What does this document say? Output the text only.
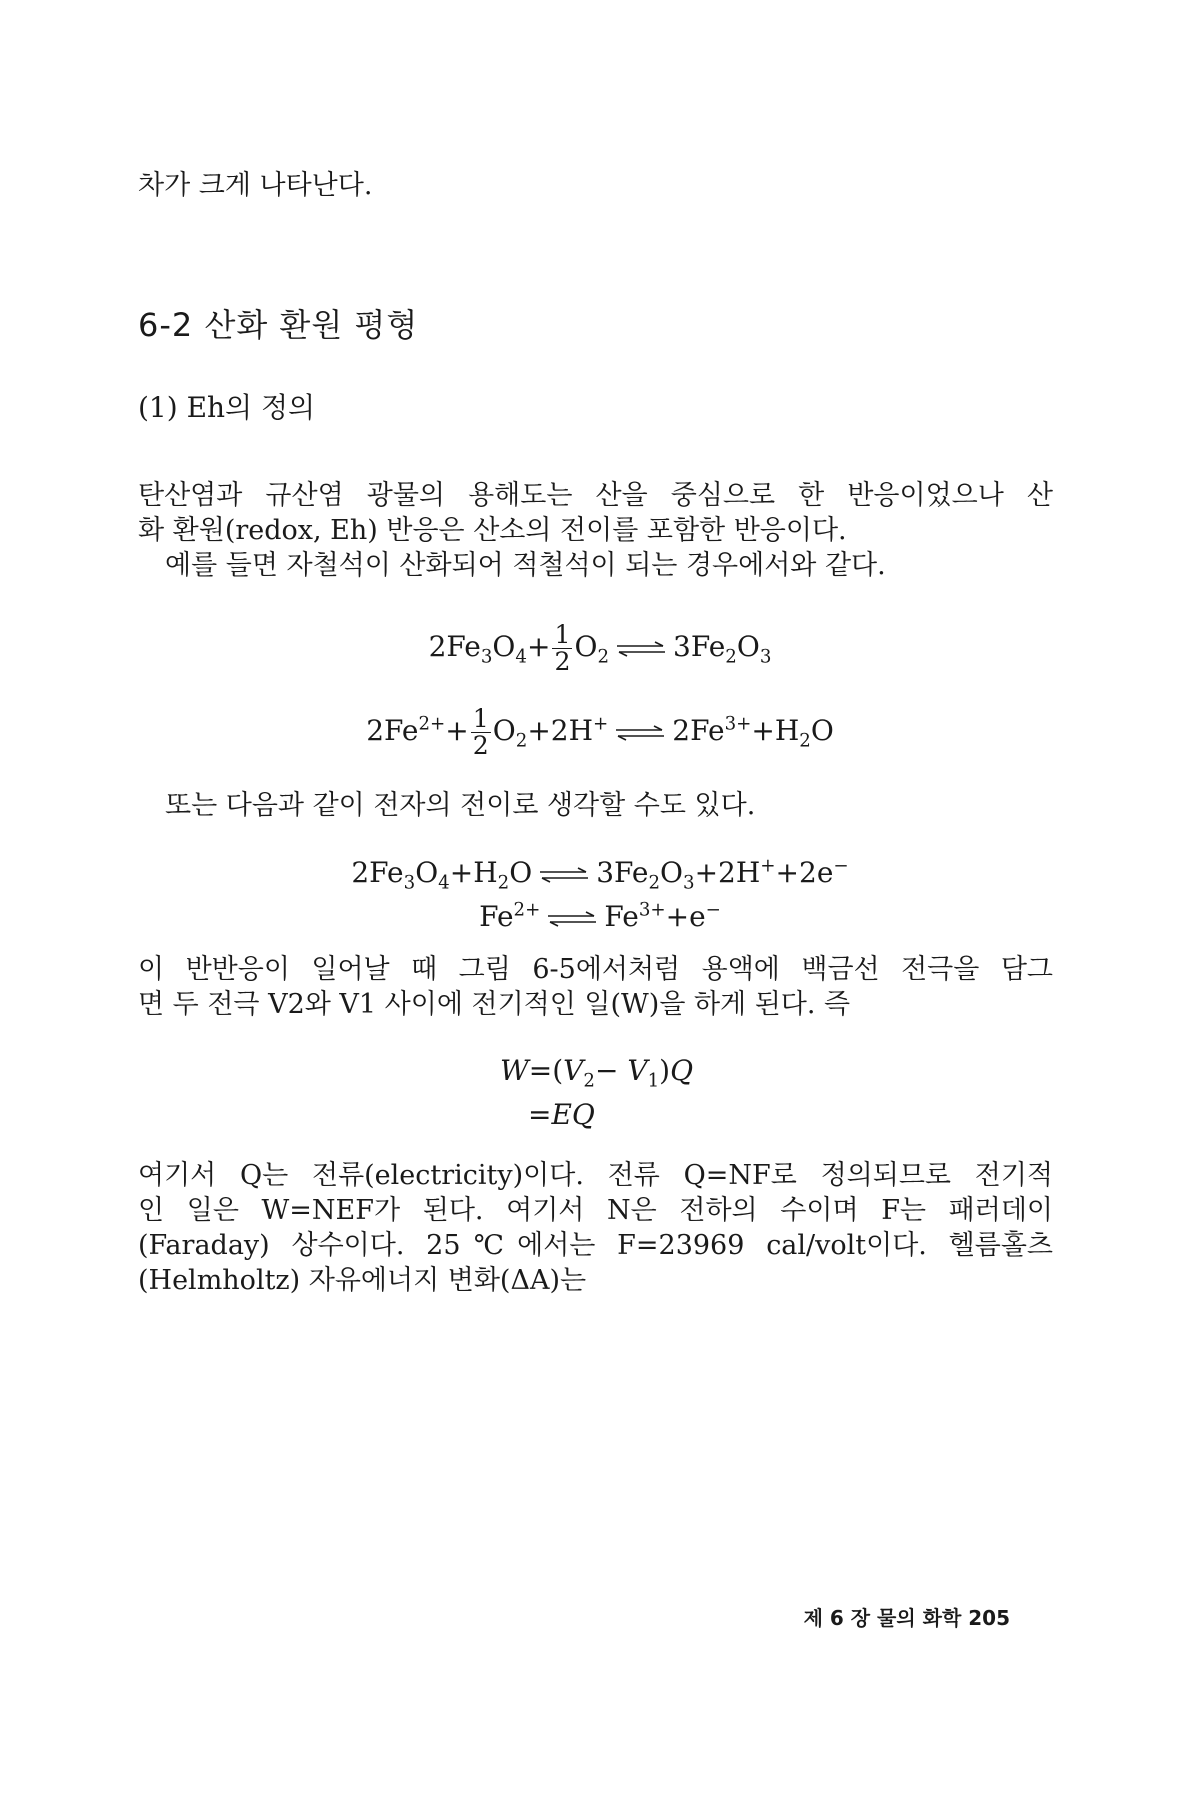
차가 크게 나타난다.
6-2 산화 환원 평형
(1) Eh의 정의
탄산염과 규산염 광물의 용해도는 산을 중심으로 한 반응이었으나 산
화 환원(redox, Eh) 반응은 산소의 전이를 포함한 반응이다.
예를 들면 자철석이 산화되어 적철석이 되는 경우에서와 같다.
$2Fe_3O_4+ \frac{1}{2} O_2$ ⇌ $3Fe_2O_3$
$2Fe^{2+}+ \frac{1}{2} O_2+2H^+$ ⇌ $2Fe^{3+}+H_2O$
또는 다음과 같이 전자의 전이로 생각할 수도 있다.
$2Fe_3O_4+H_2O$ ⇌ $3Fe_2O_3+2H^++2e^-$
$Fe^{2+}$ ⇌ $Fe^{3+}+e^-$
이 반반응이 일어날 때 그림 6-5에서처럼 용액에 백금선 전극을 담그
면 두 전극 V2와 V1 사이에 전기적인 일(W)을 하게 된다. 즉
$W=(V_2- V_1)Q$
=EQ
여기서 Q는 전류(electricity)이다. 전류 Q=NF로 정의되므로 전기적
인 일은 W=NEF가 된다. 여기서 N은 전하의 수이며 F는 패러데이
(Faraday) 상수이다. 25℃에서는 F=23969 cal/volt이다. 헬름홀츠
(Helmholtz) 자유에너지 변화(ΔA)는
제 6 장 물의 화학 205
